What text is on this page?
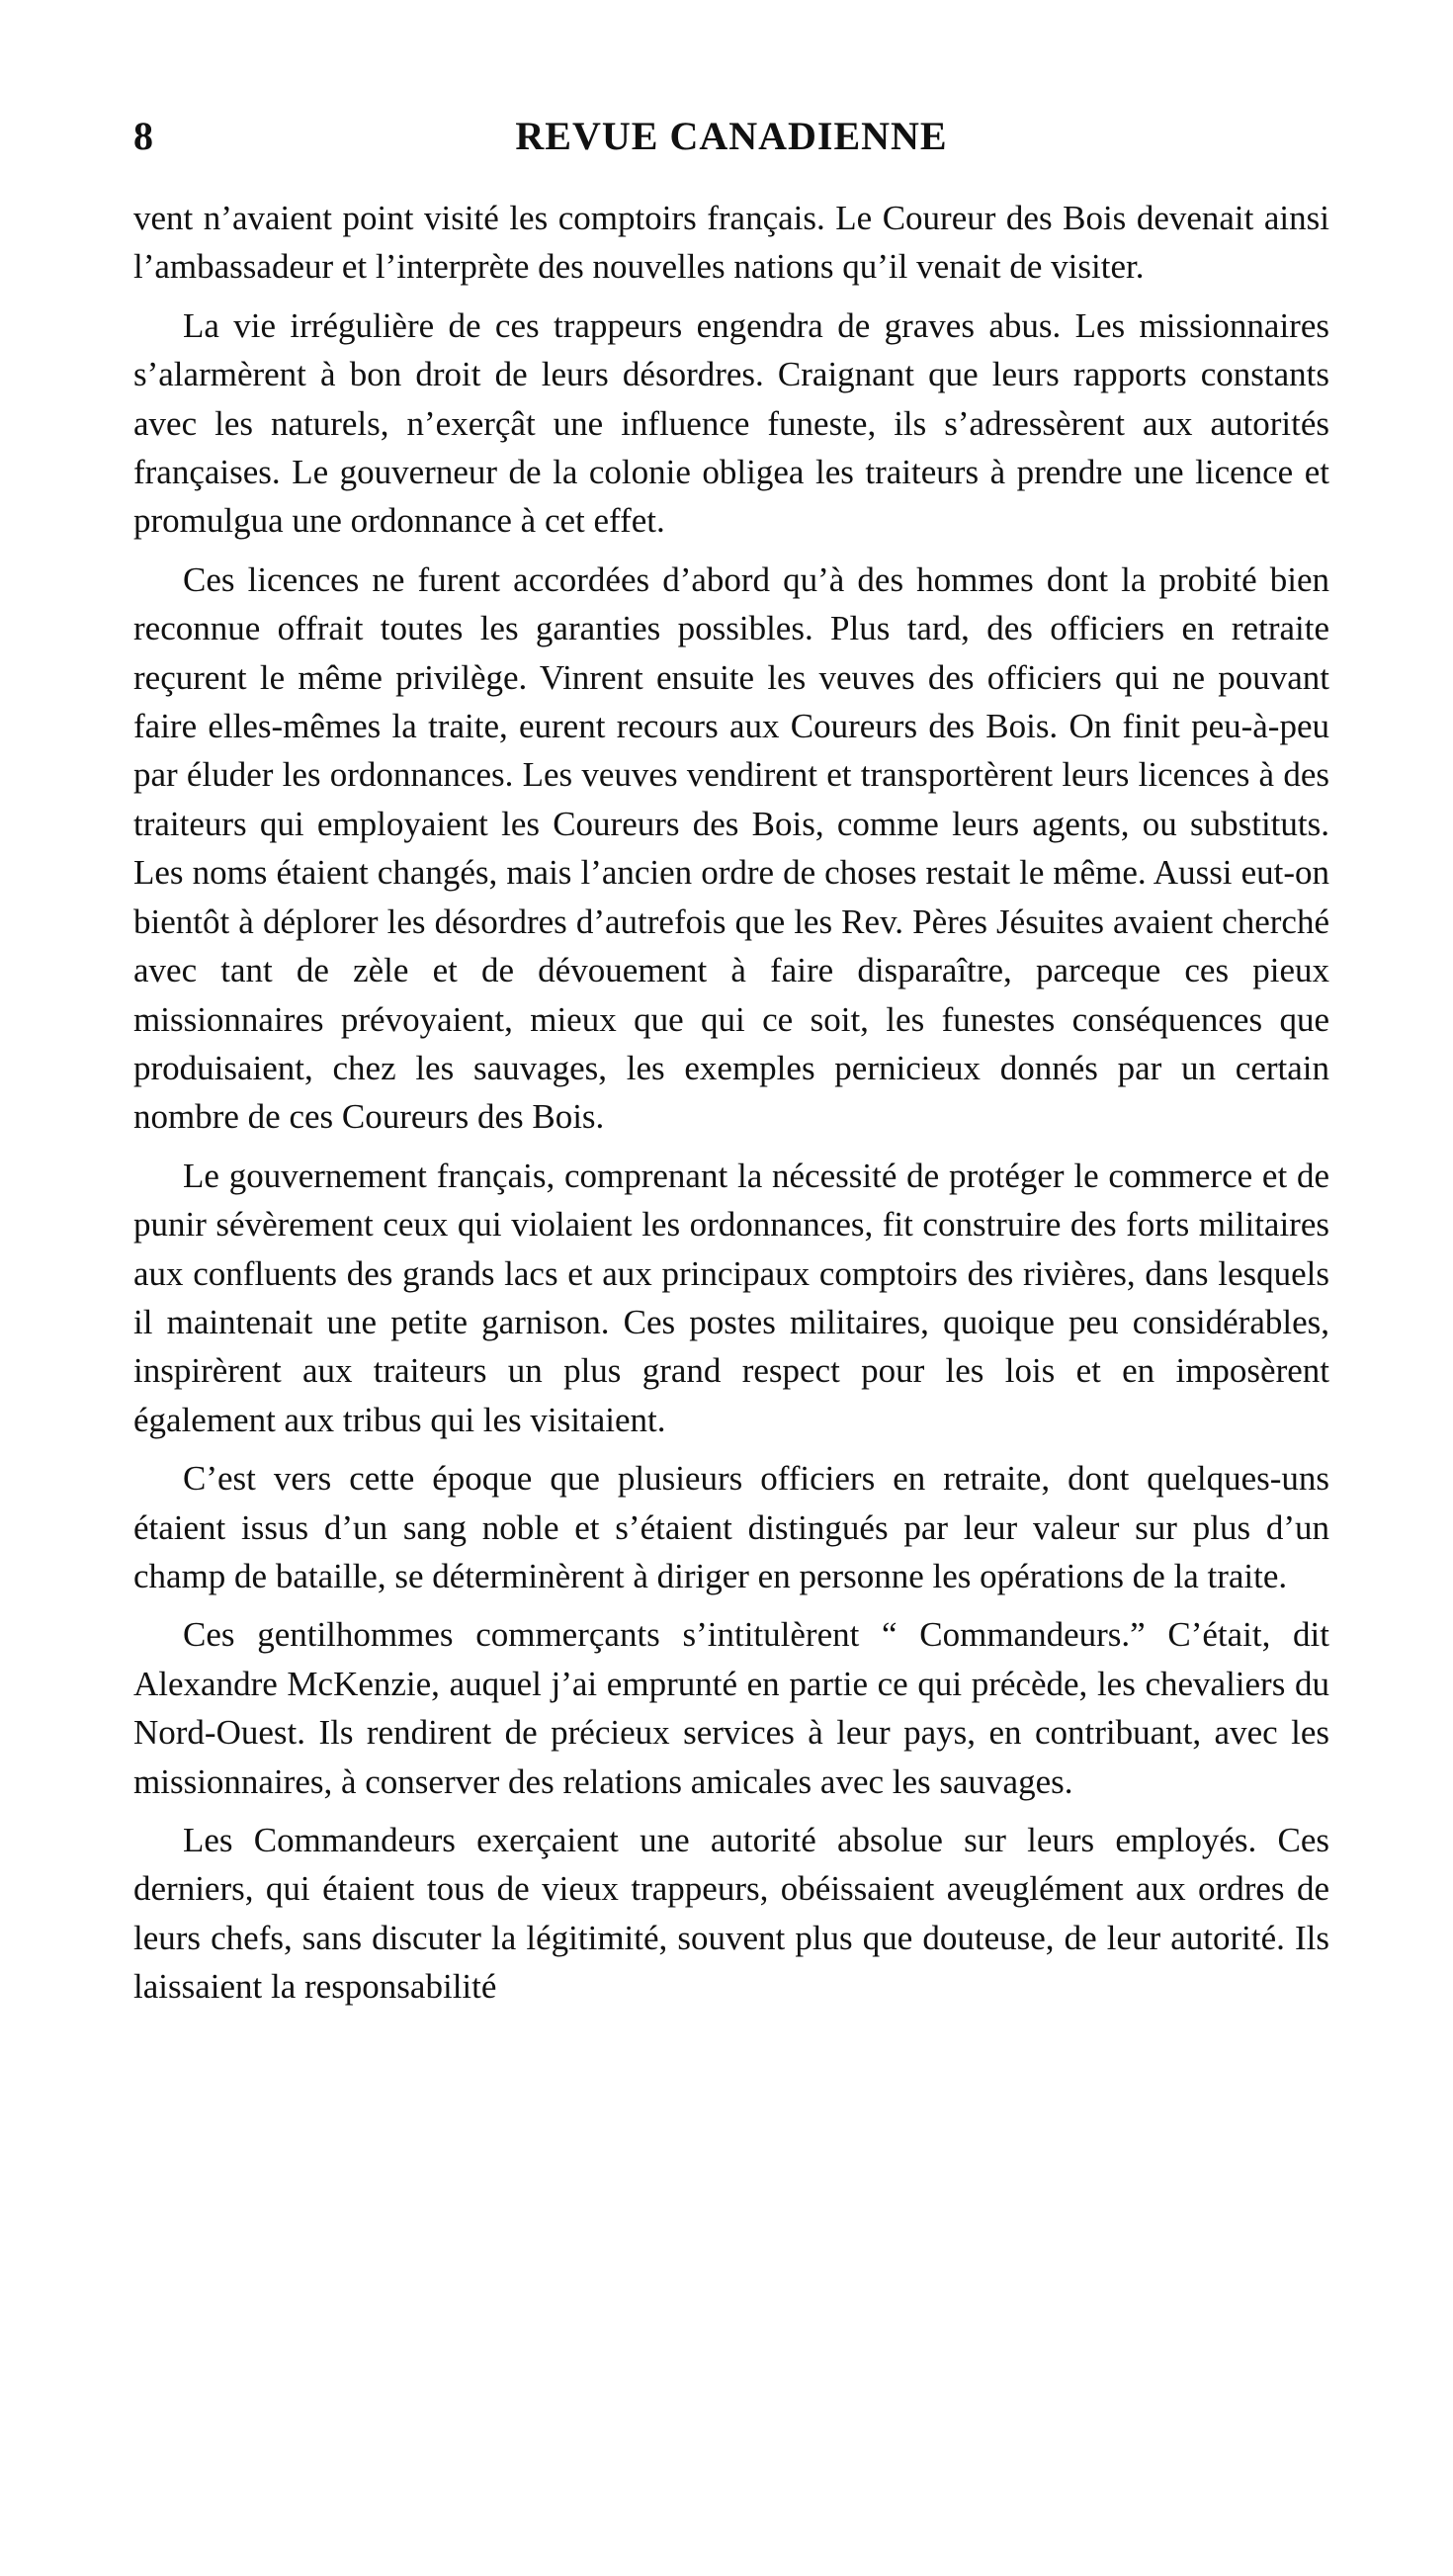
8	REVUE CANADIENNE

vent n’avaient point visité les comptoirs français. Le Coureur des Bois devenait ainsi l’ambassadeur et l’interprète des nouvelles nations qu’il venait de visiter.

La vie irrégulière de ces trappeurs engendra de graves abus. Les missionnaires s’alarmèrent à bon droit de leurs désordres. Craignant que leurs rapports constants avec les naturels, n’exerçât une influence funeste, ils s’adressèrent aux autorités françaises. Le gouverneur de la colonie obligea les traiteurs à prendre une licence et promulgua une ordonnance à cet effet.

Ces licences ne furent accordées d’abord qu’à des hommes dont la probité bien reconnue offrait toutes les garanties possibles. Plus tard, des officiers en retraite reçurent le même privilège. Vinrent ensuite les veuves des officiers qui ne pouvant faire elles-mêmes la traite, eurent recours aux Coureurs des Bois. On finit peu-à-peu par éluder les ordonnances. Les veuves vendirent et transportèrent leurs licences à des traiteurs qui employaient les Coureurs des Bois, comme leurs agents, ou substituts. Les noms étaient changés, mais l’ancien ordre de choses restait le même. Aussi eut-on bientôt à déplorer les désordres d’autrefois que les Rev. Pères Jésuites avaient cherché avec tant de zèle et de dévouement à faire disparaître, parceque ces pieux missionnaires prévoyaient, mieux que qui ce soit, les funestes conséquences que produisaient, chez les sauvages, les exemples pernicieux donnés par un certain nombre de ces Coureurs des Bois.

Le gouvernement français, comprenant la nécessité de protéger le commerce et de punir sévèrement ceux qui violaient les ordonnances, fit construire des forts militaires aux confluents des grands lacs et aux principaux comptoirs des rivières, dans lesquels il maintenait une petite garnison. Ces postes militaires, quoique peu considérables, inspirèrent aux traiteurs un plus grand respect pour les lois et en imposèrent également aux tribus qui les visitaient.

C’est vers cette époque que plusieurs officiers en retraite, dont quelques-uns étaient issus d’un sang noble et s’étaient distingués par leur valeur sur plus d’un champ de bataille, se déterminèrent à diriger en personne les opérations de la traite.

Ces gentilhommes commerçants s’intitulèrent “ Commandeurs.” C’était, dit Alexandre McKenzie, auquel j’ai emprunté en partie ce qui précède, les chevaliers du Nord-Ouest. Ils rendirent de précieux services à leur pays, en contribuant, avec les missionnaires, à conserver des relations amicales avec les sauvages.

Les Commandeurs exerçaient une autorité absolue sur leurs employés. Ces derniers, qui étaient tous de vieux trappeurs, obéissaient aveuglément aux ordres de leurs chefs, sans discuter la légitimité, souvent plus que douteuse, de leur autorité. Ils laissaient la responsabilité
